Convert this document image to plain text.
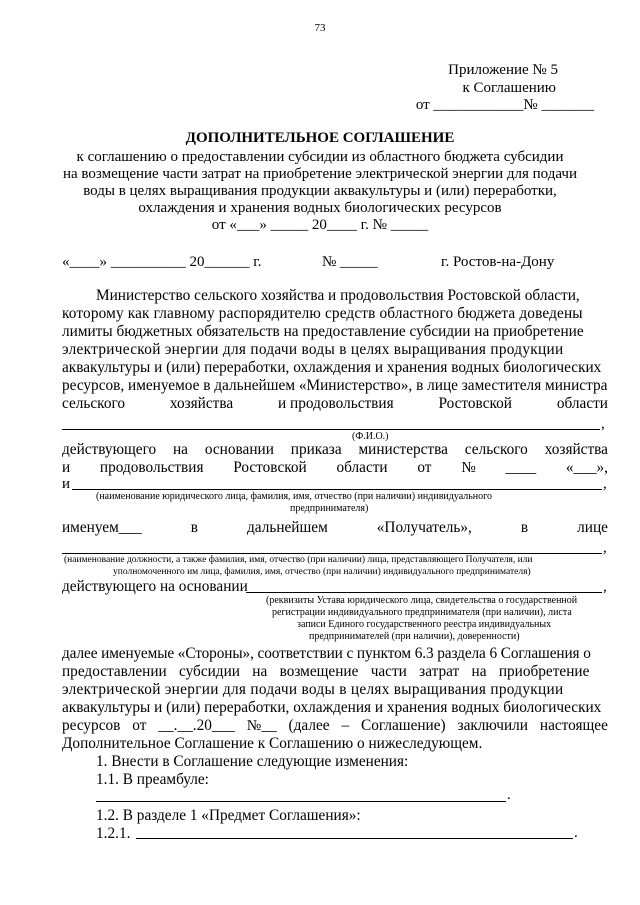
73
Приложение № 5
к Соглашению
от ____________№ _______
ДОПОЛНИТЕЛЬНОЕ СОГЛАШЕНИЕ
к соглашению о предоставлении субсидии из областного бюджета субсидии
на возмещение части затрат на приобретение электрической энергии для подачи
воды в целях выращивания продукции аквакультуры и (или) переработки,
охлаждения и хранения водных биологических ресурсов
от «___» _____ 20____ г. № _____
«____» __________ 20______ г.	№ _____	г. Ростов-на-Дону
Министерство сельского хозяйства и продовольствия Ростовской области,
которому как главному распорядителю средств областного бюджета доведены
лимиты бюджетных обязательств на предоставление субсидии на приобретение
электрической энергии для подачи воды в целях выращивания продукции
аквакультуры и (или) переработки, охлаждения и хранения водных биологических
ресурсов, именуемое в дальнейшем «Министерство», в лице заместителя министра
сельского	хозяйства	и продовольствия	Ростовской	области
,
(Ф.И.О.)
действующего на основании приказа министерства сельского хозяйства
и продовольствия Ростовской области от № ____ «___»,
и	,
(наименование юридического лица, фамилия, имя, отчество (при наличии) индивидуального
предпринимателя)
именуем___	в	дальнейшем	«Получатель»,	в	лице
,
(наименование должности, а также фамилия, имя, отчество (при наличии) лица, представляющего Получателя, или
уполномоченного им лица, фамилия, имя, отчество (при наличии) индивидуального предпринимателя)
действующего на основании	,
(реквизиты Устава юридического лица, свидетельства о государственной
регистрации индивидуального предпринимателя (при наличии), листа
записи Единого государственного реестра индивидуальных
предпринимателей (при наличии), доверенности)
далее именуемые «Стороны», соответствии с пунктом 6.3 раздела 6 Соглашения о
предоставлении субсидии на возмещение части затрат на приобретение
электрической энергии для подачи воды в целях выращивания продукции
аквакультуры и (или) переработки, охлаждения и хранения водных биологических
ресурсов от __.__.20___ №__ (далее – Соглашение) заключили настоящее
Дополнительное Соглашение к Соглашению о нижеследующем.
1. Внести в Соглашение следующие изменения:
1.1. В преамбуле:
.
1.2. В разделе 1 «Предмет Соглашения»:
1.2.1.	.
